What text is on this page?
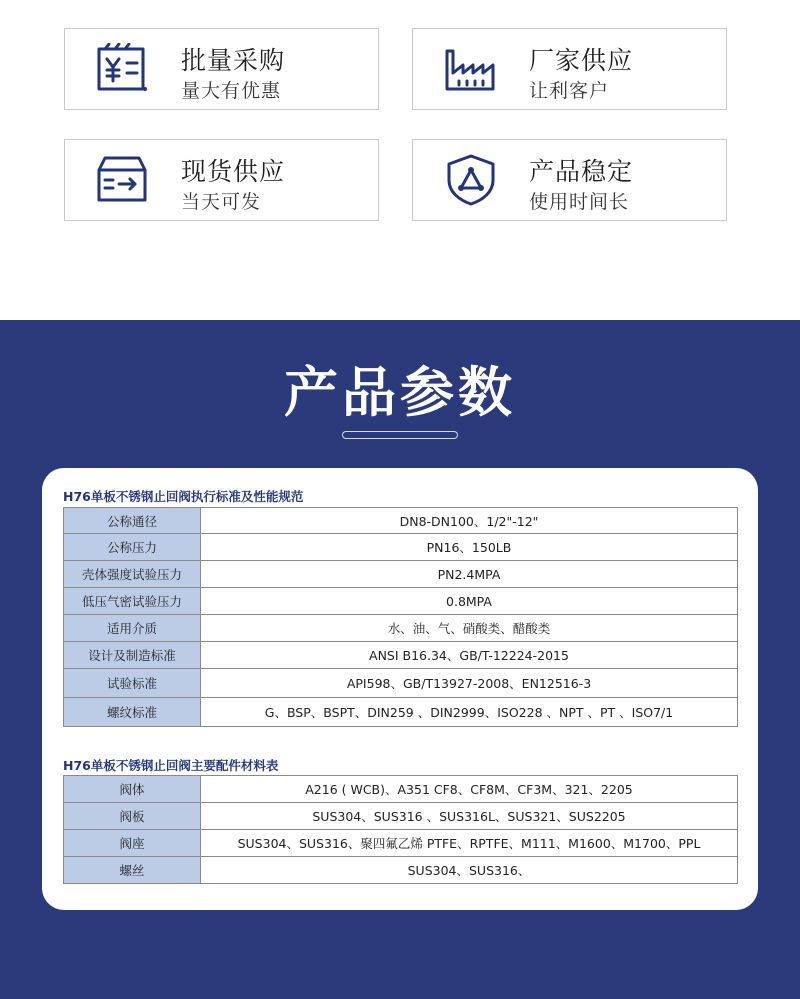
批量采购
量大有优惠
厂家供应
让利客户
现货供应
当天可发
产品稳定
使用时间长
产品参数
H76单板不锈钢止回阀执行标准及性能规范
公称通径	DN8-DN100、1/2"-12"
公称压力	PN16、150LB
壳体强度试验压力	PN2.4MPA
低压气密试验压力	0.8MPA
适用介质	水、油、气、硝酸类、醋酸类
设计及制造标准	ANSI B16.34、GB/T-12224-2015
试验标准	API598、GB/T13927-2008、EN12516-3
螺纹标准	G、BSP、BSPT、DIN259 、DIN2999、ISO228 、NPT 、PT 、ISO7/1
H76单板不锈钢止回阀主要配件材料表
阀体	A216 ( WCB)、A351 CF8、CF8M、CF3M、321、2205
阀板	SUS304、SUS316 、SUS316L、SUS321、SUS2205
阀座	SUS304、SUS316、聚四氟乙烯 PTFE、RPTFE、M111、M1600、M1700、PPL
螺丝	SUS304、SUS316、
